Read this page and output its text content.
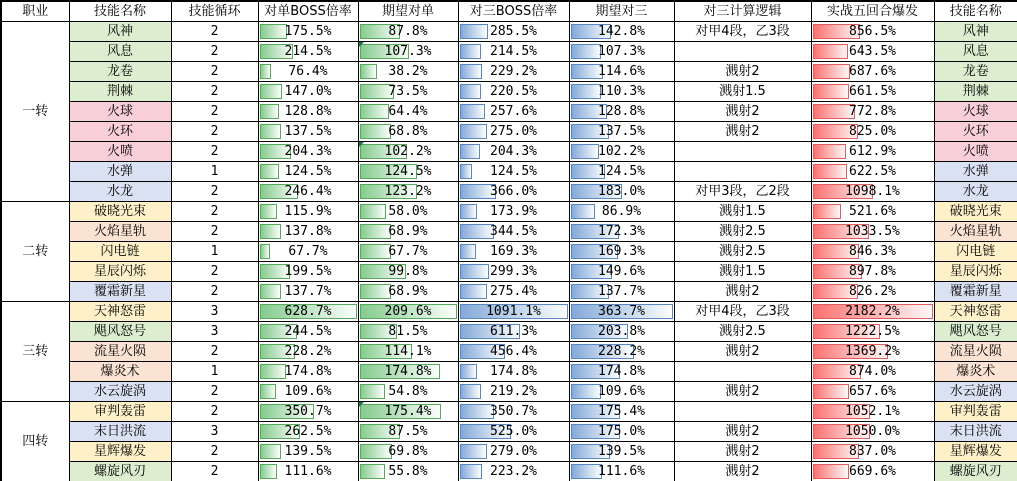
职业	技能名称	技能循环	对单BOSS倍率	期望对单	对三BOSS倍率	期望对三	对三计算逻辑	实战五回合爆发	技能名称
一转	风神	2	175.5%	87.8%	285.5%	142.8%	对甲4段，乙3段	856.5%	风神
	风息	2	214.5%	107.3%	214.5%	107.3%		643.5%	风息
	龙卷	2	76.4%	38.2%	229.2%	114.6%	溅射2	687.6%	龙卷
	荆棘	2	147.0%	73.5%	220.5%	110.3%	溅射1.5	661.5%	荆棘
	火球	2	128.8%	64.4%	257.6%	128.8%	溅射2	772.8%	火球
	火环	2	137.5%	68.8%	275.0%	137.5%	溅射2	825.0%	火环
	火喷	2	204.3%	102.2%	204.3%	102.2%		612.9%	火喷
	水弹	1	124.5%	124.5%	124.5%	124.5%		622.5%	水弹
	水龙	2	246.4%	123.2%	366.0%	183.0%	对甲3段，乙2段	1098.1%	水龙
二转	破晓光束	2	115.9%	58.0%	173.9%	86.9%	溅射1.5	521.6%	破晓光束
	火焰星轨	2	137.8%	68.9%	344.5%	172.3%	溅射2.5	1033.5%	火焰星轨
	闪电链	1	67.7%	67.7%	169.3%	169.3%	溅射2.5	846.3%	闪电链
	星辰闪烁	2	199.5%	99.8%	299.3%	149.6%	溅射1.5	897.8%	星辰闪烁
	覆霜新星	2	137.7%	68.9%	275.4%	137.7%	溅射2	826.2%	覆霜新星
三转	天神怒雷	3	628.7%	209.6%	1091.1%	363.7%	对甲4段，乙3段	2182.2%	天神怒雷
	飓风怒号	3	244.5%	81.5%	611.3%	203.8%	溅射2.5	1222.5%	飓风怒号
	流星火陨	2	228.2%	114.1%	456.4%	228.2%	溅射2	1369.2%	流星火陨
	爆炎术	1	174.8%	174.8%	174.8%	174.8%		874.0%	爆炎术
	水云旋涡	2	109.6%	54.8%	219.2%	109.6%	溅射2	657.6%	水云旋涡
四转	审判轰雷	2	350.7%	175.4%	350.7%	175.4%		1052.1%	审判轰雷
	末日洪流	3	262.5%	87.5%	525.0%	175.0%	溅射2	1050.0%	末日洪流
	星辉爆发	2	139.5%	69.8%	279.0%	139.5%	溅射2	837.0%	星辉爆发
	螺旋风刃	2	111.6%	55.8%	223.2%	111.6%	溅射2	669.6%	螺旋风刃
